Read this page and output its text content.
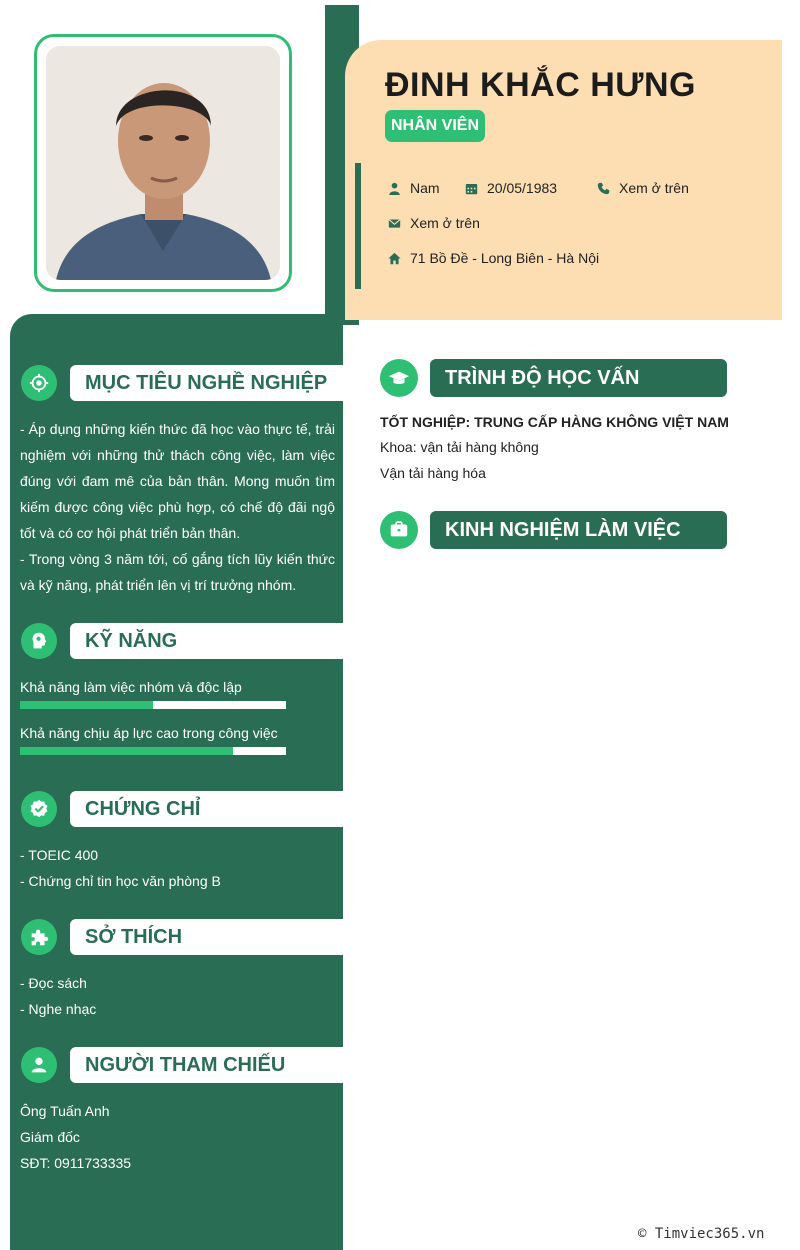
ĐINH KHẮC HƯNG
NHÂN VIÊN
Nam	20/05/1983	Xem ở trên
Xem ở trên
71 Bồ Đề - Long Biên - Hà Nội
MỤC TIÊU NGHỀ NGHIỆP
- Áp dụng những kiến thức đã học vào thực tế, trải nghiệm với những thử thách công việc, làm việc đúng với đam mê của bản thân. Mong muốn tìm kiếm được công việc phù hợp, có chế độ đãi ngộ tốt và có cơ hội phát triển bản thân.
- Trong vòng 3 năm tới, cố gắng tích lũy kiến thức và kỹ năng, phát triển lên vị trí trưởng nhóm.
KỸ NĂNG
Khả năng làm việc nhóm và độc lập
Khả năng chịu áp lực cao trong công việc
CHỨNG CHỈ
- TOEIC 400
- Chứng chỉ tin học văn phòng B
SỞ THÍCH
- Đọc sách
- Nghe nhạc
NGƯỜI THAM CHIẾU
Ông Tuấn Anh
Giám đốc
SĐT: 0911733335
TRÌNH ĐỘ HỌC VẤN
TỐT NGHIỆP: TRUNG CẤP HÀNG KHÔNG VIỆT NAM
Khoa: vận tải hàng không
Vận tải hàng hóa
KINH NGHIỆM LÀM VIỆC
© Timviec365.vn
